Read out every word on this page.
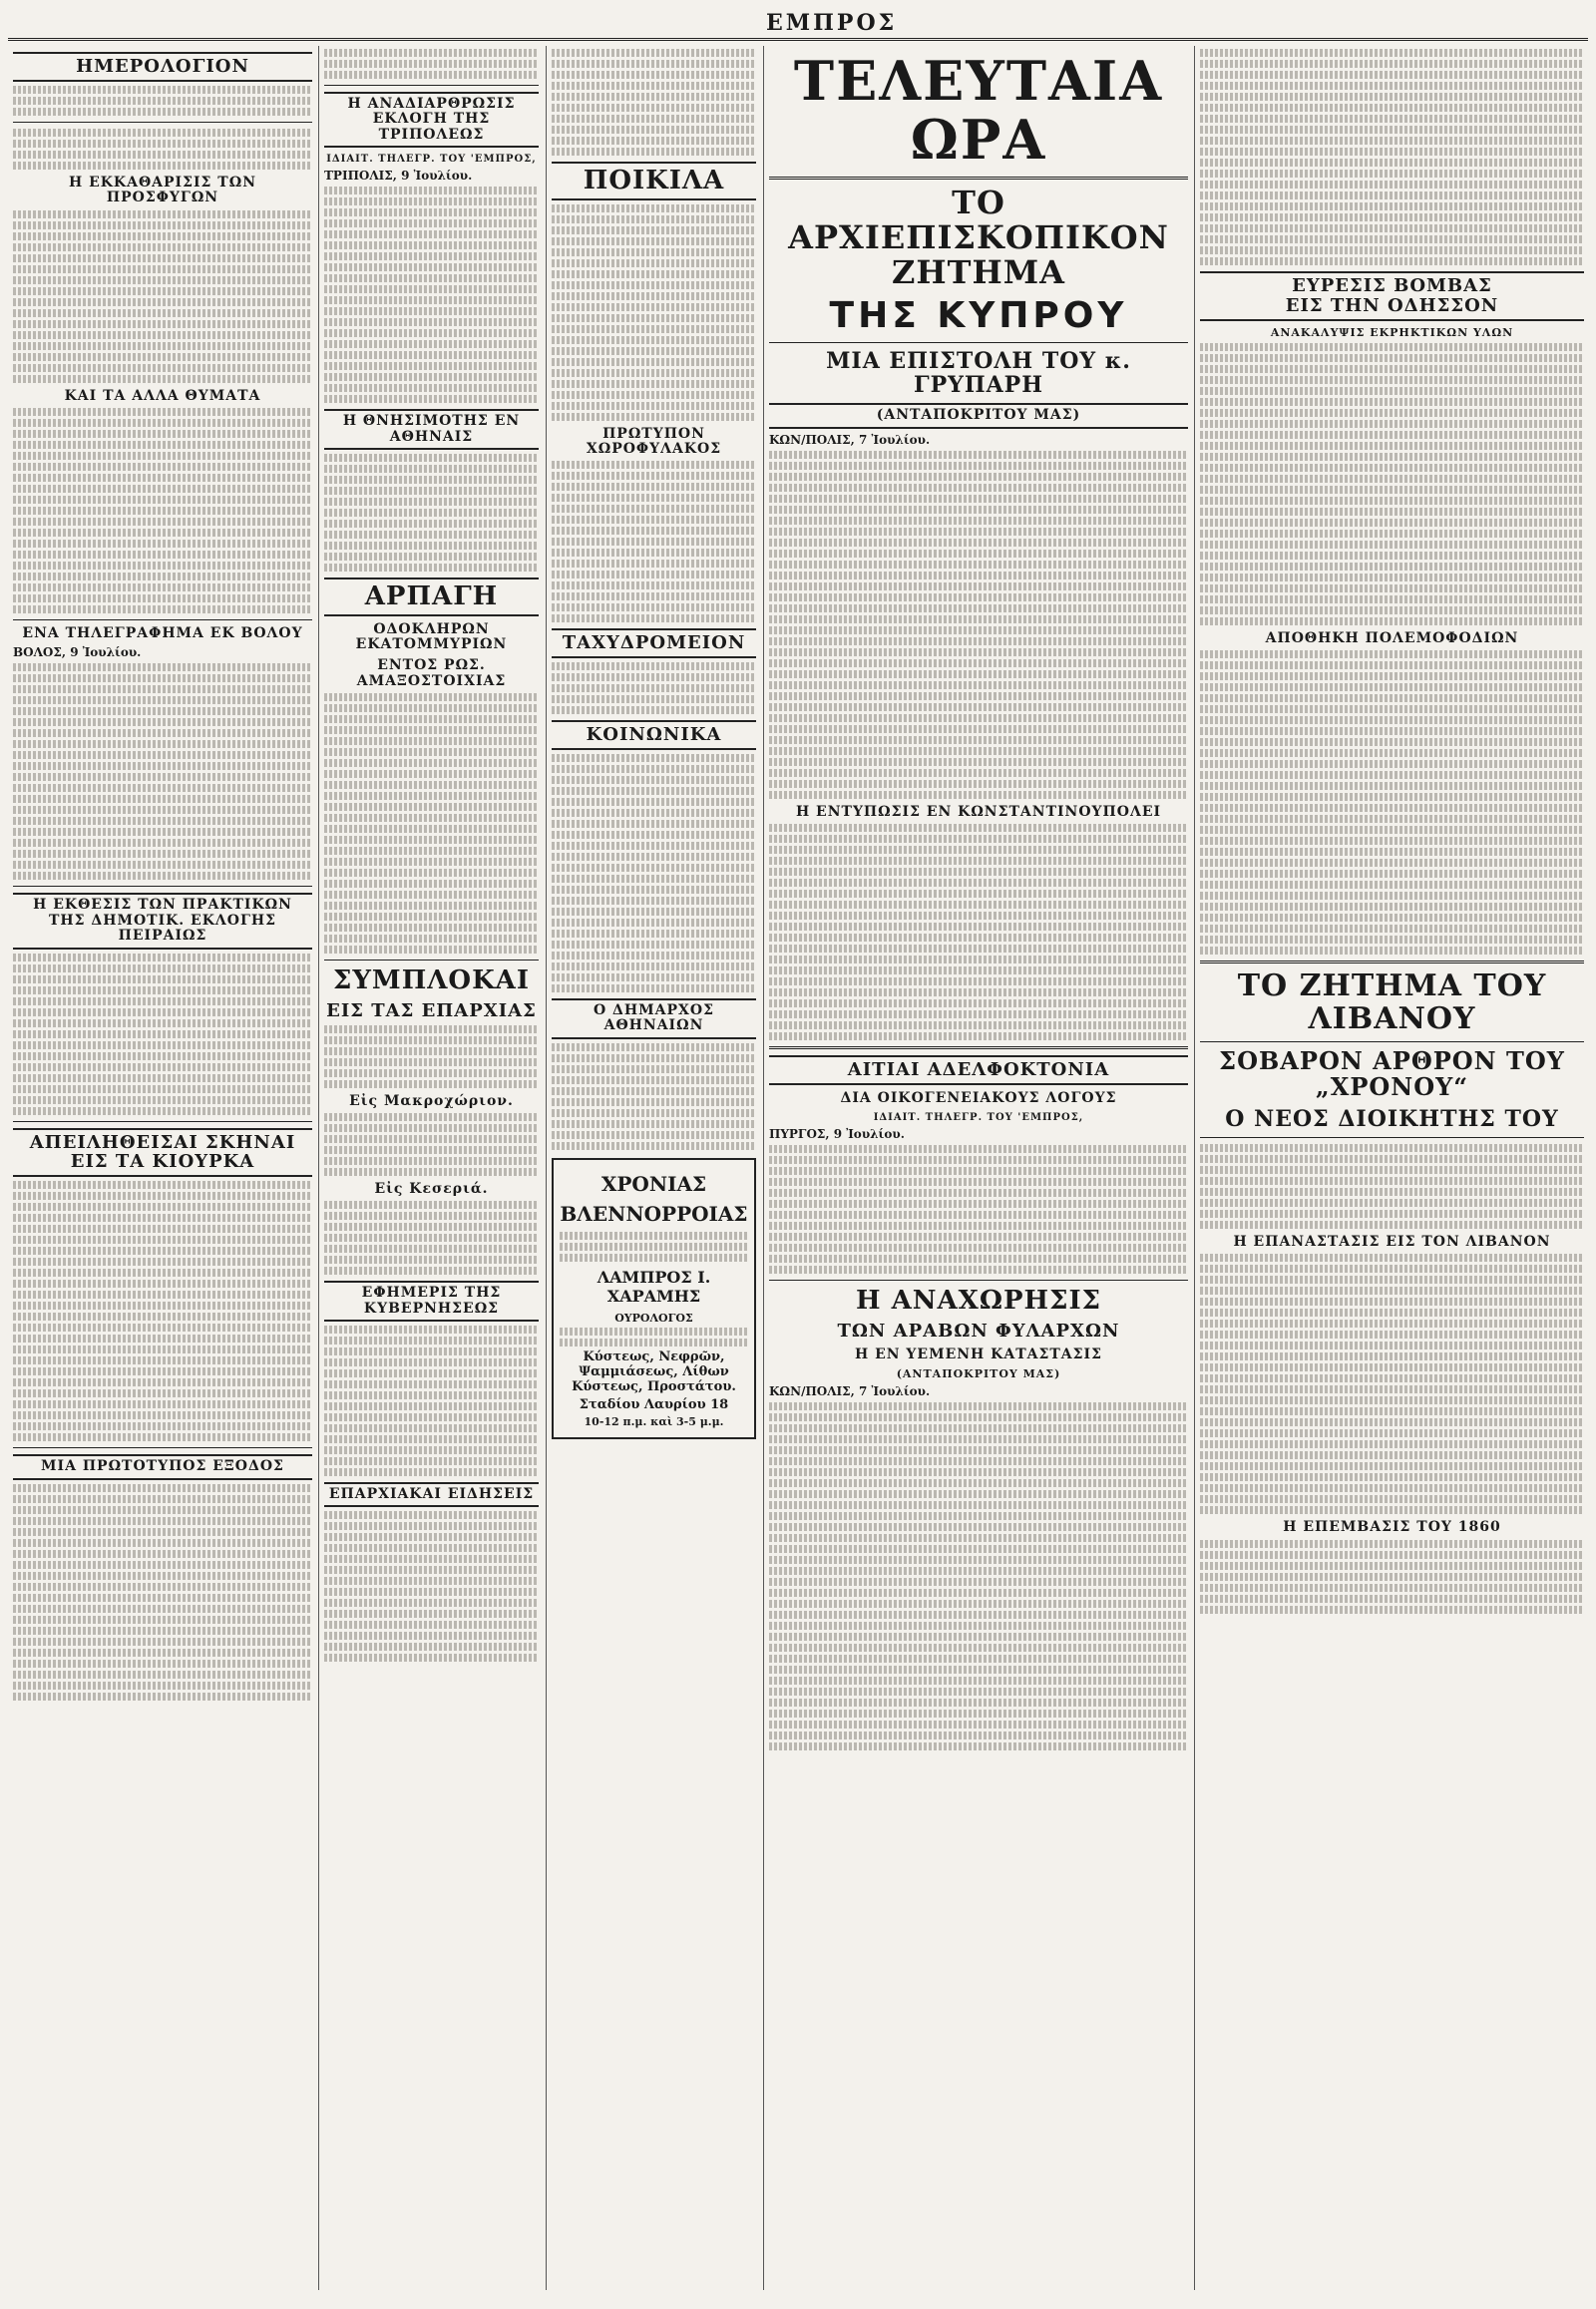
ΕΜΠΡΟΣ
ΗΜΕΡΟΛΟΓΙΟΝ
Η ΕΚΚΑΘΑΡΙΣΙΣ ΤΩΝ ΠΡΟΣΦΥΓΩΝ
ΚΑΙ ΤΑ ΑΛΛΑ ΘΥΜΑΤΑ
ΕΝΑ ΤΗΛΕΓΡΑΦΗΜΑ ΕΚ ΒΟΛΟΥ
ΒΟΛΟΣ, 9 Ἰουλίου.
Η ΕΚΘΕΣΙΣ ΤΩΝ ΠΡΑΚΤΙΚΩΝ
ΤΗΣ ΔΗΜΟΤΙΚ. ΕΚΛΟΓΗΣ ΠΕΙΡΑΙΩΣ
ΑΠΕΙΛΗΘΕΙΣΑΙ ΣΚΗΝΑΙ
ΕΙΣ ΤΑ ΚΙΟΥΡΚΑ
ΜΙΑ ΠΡΩΤΟΤΥΠΟΣ ΕΞΟΔΟΣ
Η ΑΝΑΔΙΑΡΘΡΩΣΙΣ
ΕΚΛΟΓΗ ΤΗΣ ΤΡΙΠΟΛΕΩΣ
ΙΔΙΑΙΤ. ΤΗΛΕΓΡ. ΤΟΥ 'ΕΜΠΡΟΣ,
ΤΡΙΠΟΛΙΣ, 9 Ἰουλίου.
Η ΘΝΗΣΙΜΟΤΗΣ ΕΝ ΑΘΗΝΑΙΣ
ΑΡΠΑΓΗ
ΟΔΟΚΛΗΡΩΝ ΕΚΑΤΟΜΜΥΡΙΩΝ
ΕΝΤΟΣ ΡΩΣ. ΑΜΑΞΟΣΤΟΙΧΙΑΣ
ΣΥΜΠΛΟΚΑΙ
ΕΙΣ ΤΑΣ ΕΠΑΡΧΙΑΣ
Εἰς Μακροχώριον.
Εἰς Κεσεριά.
ΕΦΗΜΕΡΙΣ ΤΗΣ ΚΥΒΕΡΝΗΣΕΩΣ
ΕΠΑΡΧΙΑΚΑΙ ΕΙΔΗΣΕΙΣ
ΠΟΙΚΙΛΑ
ΠΡΩΤΥΠΟΝ ΧΩΡΟΦΥΛΑΚΟΣ
ΤΑΧΥΔΡΟΜΕΙΟΝ
ΚΟΙΝΩΝΙΚΑ
Ο ΔΗΜΑΡΧΟΣ ΑΘΗΝΑΙΩΝ
ΧΡΟΝΙΑΣ
ΒΛΕΝΝΟΡΡΟΙΑΣ
ΛΑΜΠΡΟΣ Ι. ΧΑΡΑΜΗΣ
ΟΥΡΟΛΟΓΟΣ
Κύστεως, Νεφρῶν, Ψαμμιάσεως, Λίθων Κύστεως, Προστάτου.
Σταδίου Λαυρίου 18
10-12 π.μ. καὶ 3-5 μ.μ.
ΤΕΛΕΥΤΑΙΑ ΩΡΑ
ΤΟ ΑΡΧΙΕΠΙΣΚΟΠΙΚΟΝ ΖΗΤΗΜΑ
ΤΗΣ ΚΥΠΡΟΥ
ΜΙΑ ΕΠΙΣΤΟΛΗ ΤΟΥ κ. ΓΡΥΠΑΡΗ
(ΑΝΤΑΠΟΚΡΙΤΟΥ ΜΑΣ)
ΚΩΝ/ΠΟΛΙΣ, 7 Ἰουλίου.
Η ΕΝΤΥΠΩΣΙΣ ΕΝ ΚΩΝΣΤΑΝΤΙΝΟΥΠΟΛΕΙ
ΑΙΤΙΑΙ ΑΔΕΛΦΟΚΤΟΝΙΑ
ΔΙΑ ΟΙΚΟΓΕΝΕΙΑΚΟΥΣ ΛΟΓΟΥΣ
ΙΔΙΑΙΤ. ΤΗΛΕΓΡ. ΤΟΥ 'ΕΜΠΡΟΣ,
ΠΥΡΓΟΣ, 9 Ἰουλίου.
Η ΑΝΑΧΩΡΗΣΙΣ
ΤΩΝ ΑΡΑΒΩΝ ΦΥΛΑΡΧΩΝ
Η ΕΝ ΥΕΜΕΝΗ ΚΑΤΑΣΤΑΣΙΣ
(ΑΝΤΑΠΟΚΡΙΤΟΥ ΜΑΣ)
ΚΩΝ/ΠΟΛΙΣ, 7 Ἰουλίου.
ΕΥΡΕΣΙΣ ΒΟΜΒΑΣ
ΕΙΣ ΤΗΝ ΟΔΗΣΣΟΝ
ΑΝΑΚΑΛΥΨΙΣ ΕΚΡΗΚΤΙΚΩΝ ΥΛΩΝ
ΑΠΟΘΗΚΗ ΠΟΛΕΜΟΦΟΔΙΩΝ
ΤΟ ΖΗΤΗΜΑ ΤΟΥ ΛΙΒΑΝΟΥ
ΣΟΒΑΡΟΝ ΑΡΘΡΟΝ ΤΟΥ „ΧΡΟΝΟΥ“
Ο ΝΕΟΣ ΔΙΟΙΚΗΤΗΣ ΤΟΥ
Η ΕΠΑΝΑΣΤΑΣΙΣ ΕΙΣ ΤΟΝ ΛΙΒΑΝΟΝ
Η ΕΠΕΜΒΑΣΙΣ ΤΟΥ 1860
